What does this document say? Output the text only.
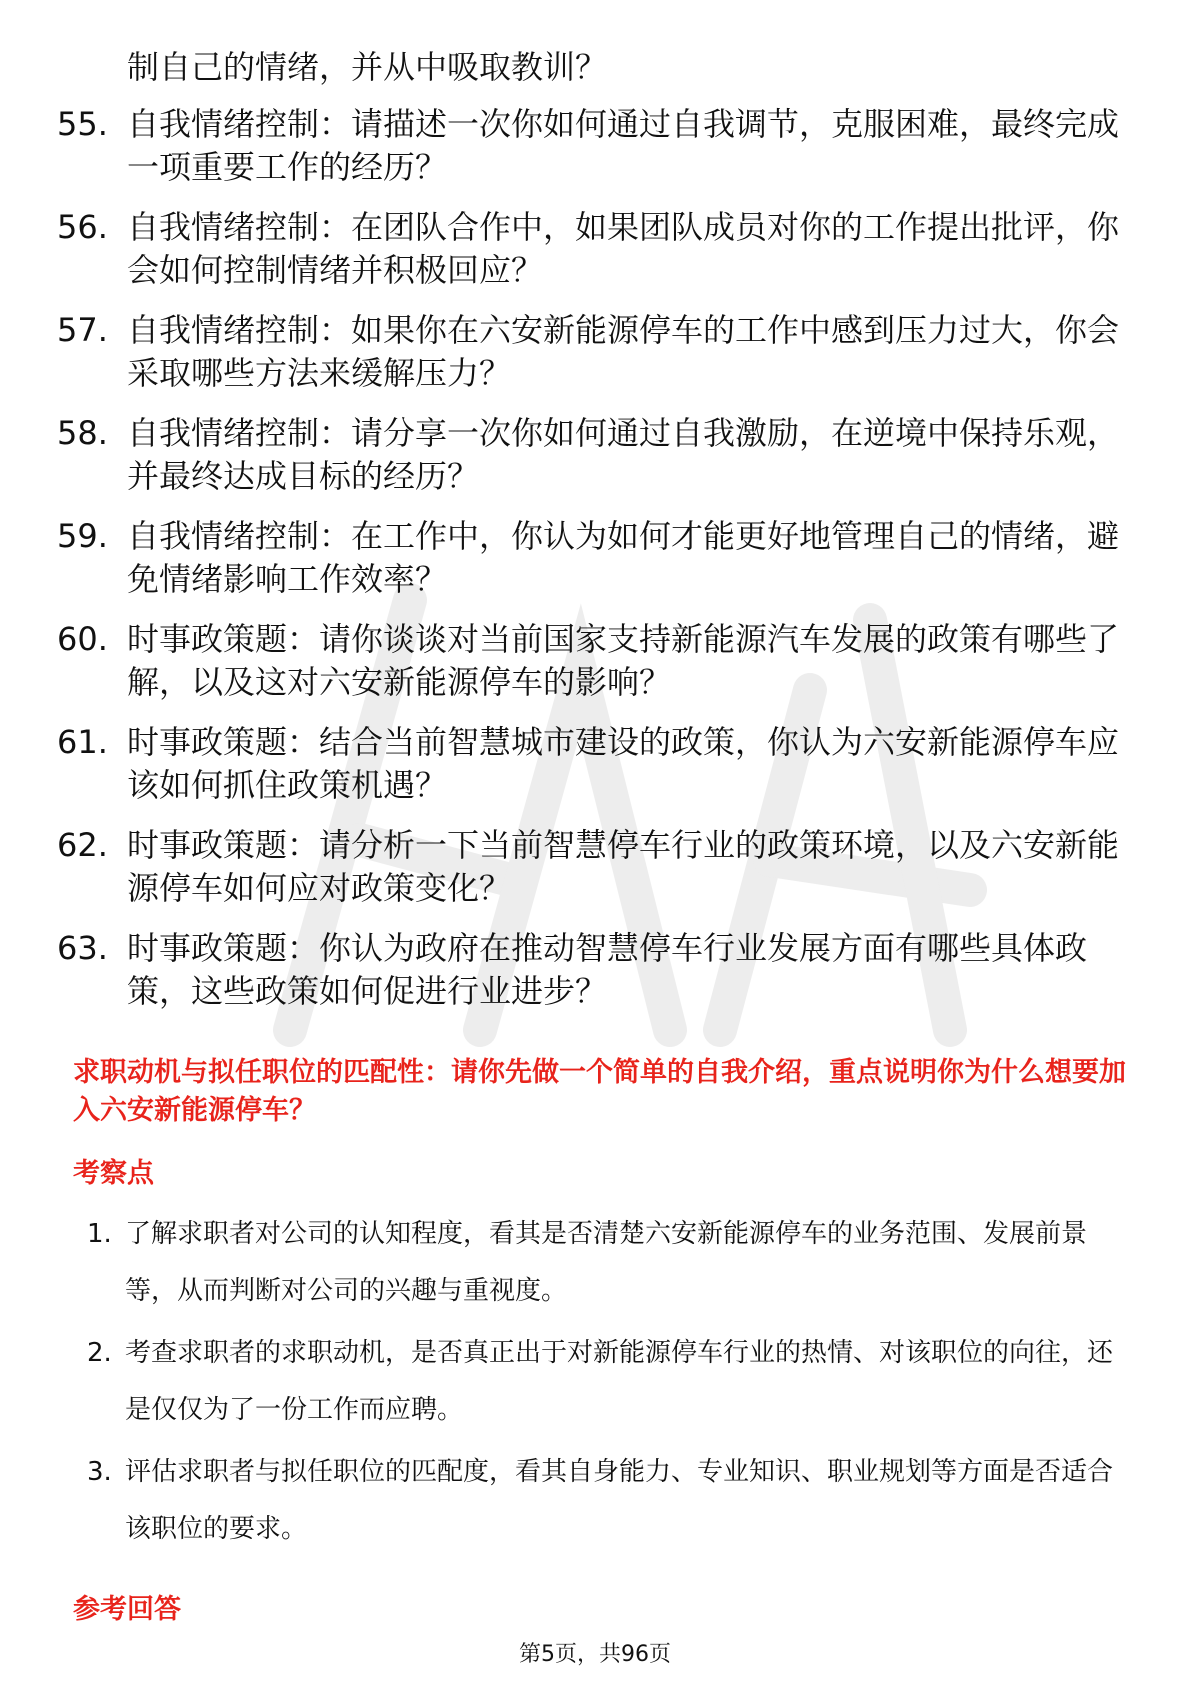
制自己的情绪，并从中吸取教训？
55. 自我情绪控制：请描述一次你如何通过自我调节，克服困难，最终完成一项重要工作的经历？
56. 自我情绪控制：在团队合作中，如果团队成员对你的工作提出批评，你会如何控制情绪并积极回应？
57. 自我情绪控制：如果你在六安新能源停车的工作中感到压力过大，你会采取哪些方法来缓解压力？
58. 自我情绪控制：请分享一次你如何通过自我激励，在逆境中保持乐观，并最终达成目标的经历？
59. 自我情绪控制：在工作中，你认为如何才能更好地管理自己的情绪，避免情绪影响工作效率？
60. 时事政策题：请你谈谈对当前国家支持新能源汽车发展的政策有哪些了解，以及这对六安新能源停车的影响？
61. 时事政策题：结合当前智慧城市建设的政策，你认为六安新能源停车应该如何抓住政策机遇？
62. 时事政策题：请分析一下当前智慧停车行业的政策环境，以及六安新能源停车如何应对政策变化？
63. 时事政策题：你认为政府在推动智慧停车行业发展方面有哪些具体政策，这些政策如何促进行业进步？
求职动机与拟任职位的匹配性：请你先做一个简单的自我介绍，重点说明你为什么想要加入六安新能源停车？
考察点
1. 了解求职者对公司的认知程度，看其是否清楚六安新能源停车的业务范围、发展前景等，从而判断对公司的兴趣与重视度。
2. 考查求职者的求职动机，是否真正出于对新能源停车行业的热情、对该职位的向往，还是仅仅为了一份工作而应聘。
3. 评估求职者与拟任职位的匹配度，看其自身能力、专业知识、职业规划等方面是否适合该职位的要求。
参考回答
第5页，共96页
